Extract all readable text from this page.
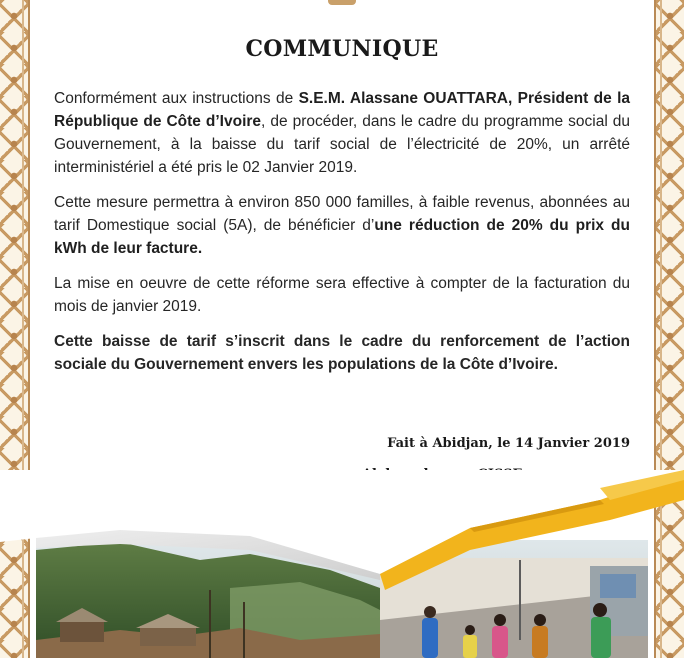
COMMUNIQUE

Conformément aux instructions de S.E.M. Alassane OUATTARA, Président de la République de Côte d’Ivoire, de procéder, dans le cadre du programme social du Gouvernement, à la baisse du tarif social de l’électricité de 20%, un arrêté interministériel a été pris le 02 Janvier 2019.

Cette mesure permettra à environ 850 000 familles, à faible revenus, abonnées au tarif Domestique social (5A), de bénéficier d’une réduction de 20% du prix du kWh de leur facture.

La mise en oeuvre de cette réforme sera effective à compter de la facturation du mois de janvier 2019.

Cette baisse de tarif s’inscrit dans le cadre du renforcement de l’action sociale du Gouvernement envers les populations de la Côte d’Ivoire.

Fait à Abidjan, le 14 Janvier 2019
